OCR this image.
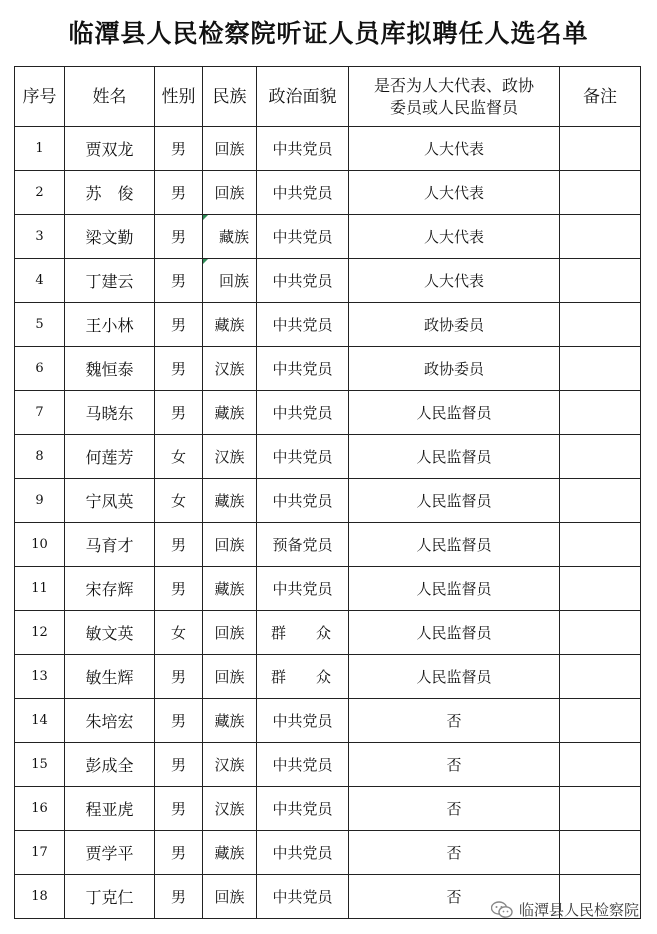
临潭县人民检察院听证人员库拟聘任人选名单
序号	姓名	性别	民族	政治面貌	是否为人大代表、政协
委员或人民监督员	备注
1	贾双龙	男	回族	中共党员	人大代表	
2	苏　俊	男	回族	中共党员	人大代表	
3	梁文勤	男	藏族	中共党员	人大代表	
4	丁建云	男	回族	中共党员	人大代表	
5	王小林	男	藏族	中共党员	政协委员	
6	魏恒泰	男	汉族	中共党员	政协委员	
7	马晓东	男	藏族	中共党员	人民监督员	
8	何莲芳	女	汉族	中共党员	人民监督员	
9	宁凤英	女	藏族	中共党员	人民监督员	
10	马育才	男	回族	预备党员	人民监督员	
11	宋存辉	男	藏族	中共党员	人民监督员	
12	敏文英	女	回族	群　　众	人民监督员	
13	敏生辉	男	回族	群　　众	人民监督员	
14	朱培宏	男	藏族	中共党员	否	
15	彭成全	男	汉族	中共党员	否	
16	程亚虎	男	汉族	中共党员	否	
17	贾学平	男	藏族	中共党员	否	
18	丁克仁	男	回族	中共党员	否	
临潭县人民检察院
